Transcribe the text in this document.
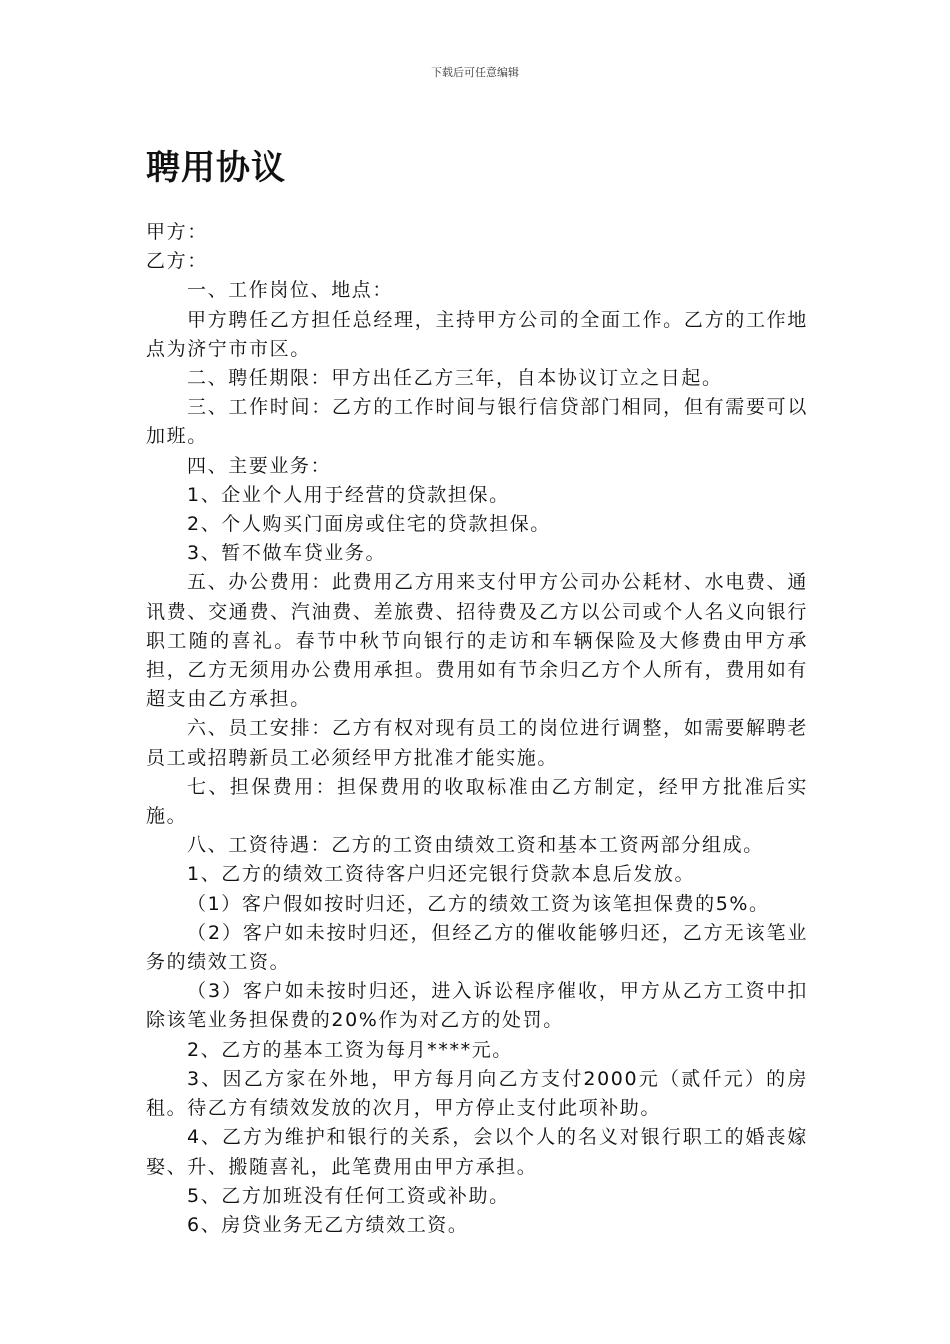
下载后可任意编辑
聘用协议

甲方：

乙方：

一、工作岗位、地点：

甲方聘任乙方担任总经理，主持甲方公司的全面工作。乙方的工作地点为济宁市市区。

二、聘任期限：甲方出任乙方三年，自本协议订立之日起。

三、工作时间：乙方的工作时间与银行信贷部门相同，但有需要可以加班。

四、主要业务：

1、企业个人用于经营的贷款担保。

2、个人购买门面房或住宅的贷款担保。

3、暂不做车贷业务。

五、办公费用：此费用乙方用来支付甲方公司办公耗材、水电费、通讯费、交通费、汽油费、差旅费、招待费及乙方以公司或个人名义向银行职工随的喜礼。春节中秋节向银行的走访和车辆保险及大修费由甲方承担，乙方无须用办公费用承担。费用如有节余归乙方个人所有，费用如有超支由乙方承担。

六、员工安排：乙方有权对现有员工的岗位进行调整，如需要解聘老员工或招聘新员工必须经甲方批准才能实施。

七、担保费用：担保费用的收取标准由乙方制定，经甲方批准后实施。

八、工资待遇：乙方的工资由绩效工资和基本工资两部分组成。

1、乙方的绩效工资待客户归还完银行贷款本息后发放。

（1）客户假如按时归还，乙方的绩效工资为该笔担保费的5%。

（2）客户如未按时归还，但经乙方的催收能够归还，乙方无该笔业务的绩效工资。

（3）客户如未按时归还，进入诉讼程序催收，甲方从乙方工资中扣除该笔业务担保费的20%作为对乙方的处罚。

2、乙方的基本工资为每月****元。

3、因乙方家在外地，甲方每月向乙方支付2000元（贰仟元）的房租。待乙方有绩效发放的次月，甲方停止支付此项补助。

4、乙方为维护和银行的关系，会以个人的名义对银行职工的婚丧嫁娶、升、搬随喜礼，此笔费用由甲方承担。

5、乙方加班没有任何工资或补助。

6、房贷业务无乙方绩效工资。
